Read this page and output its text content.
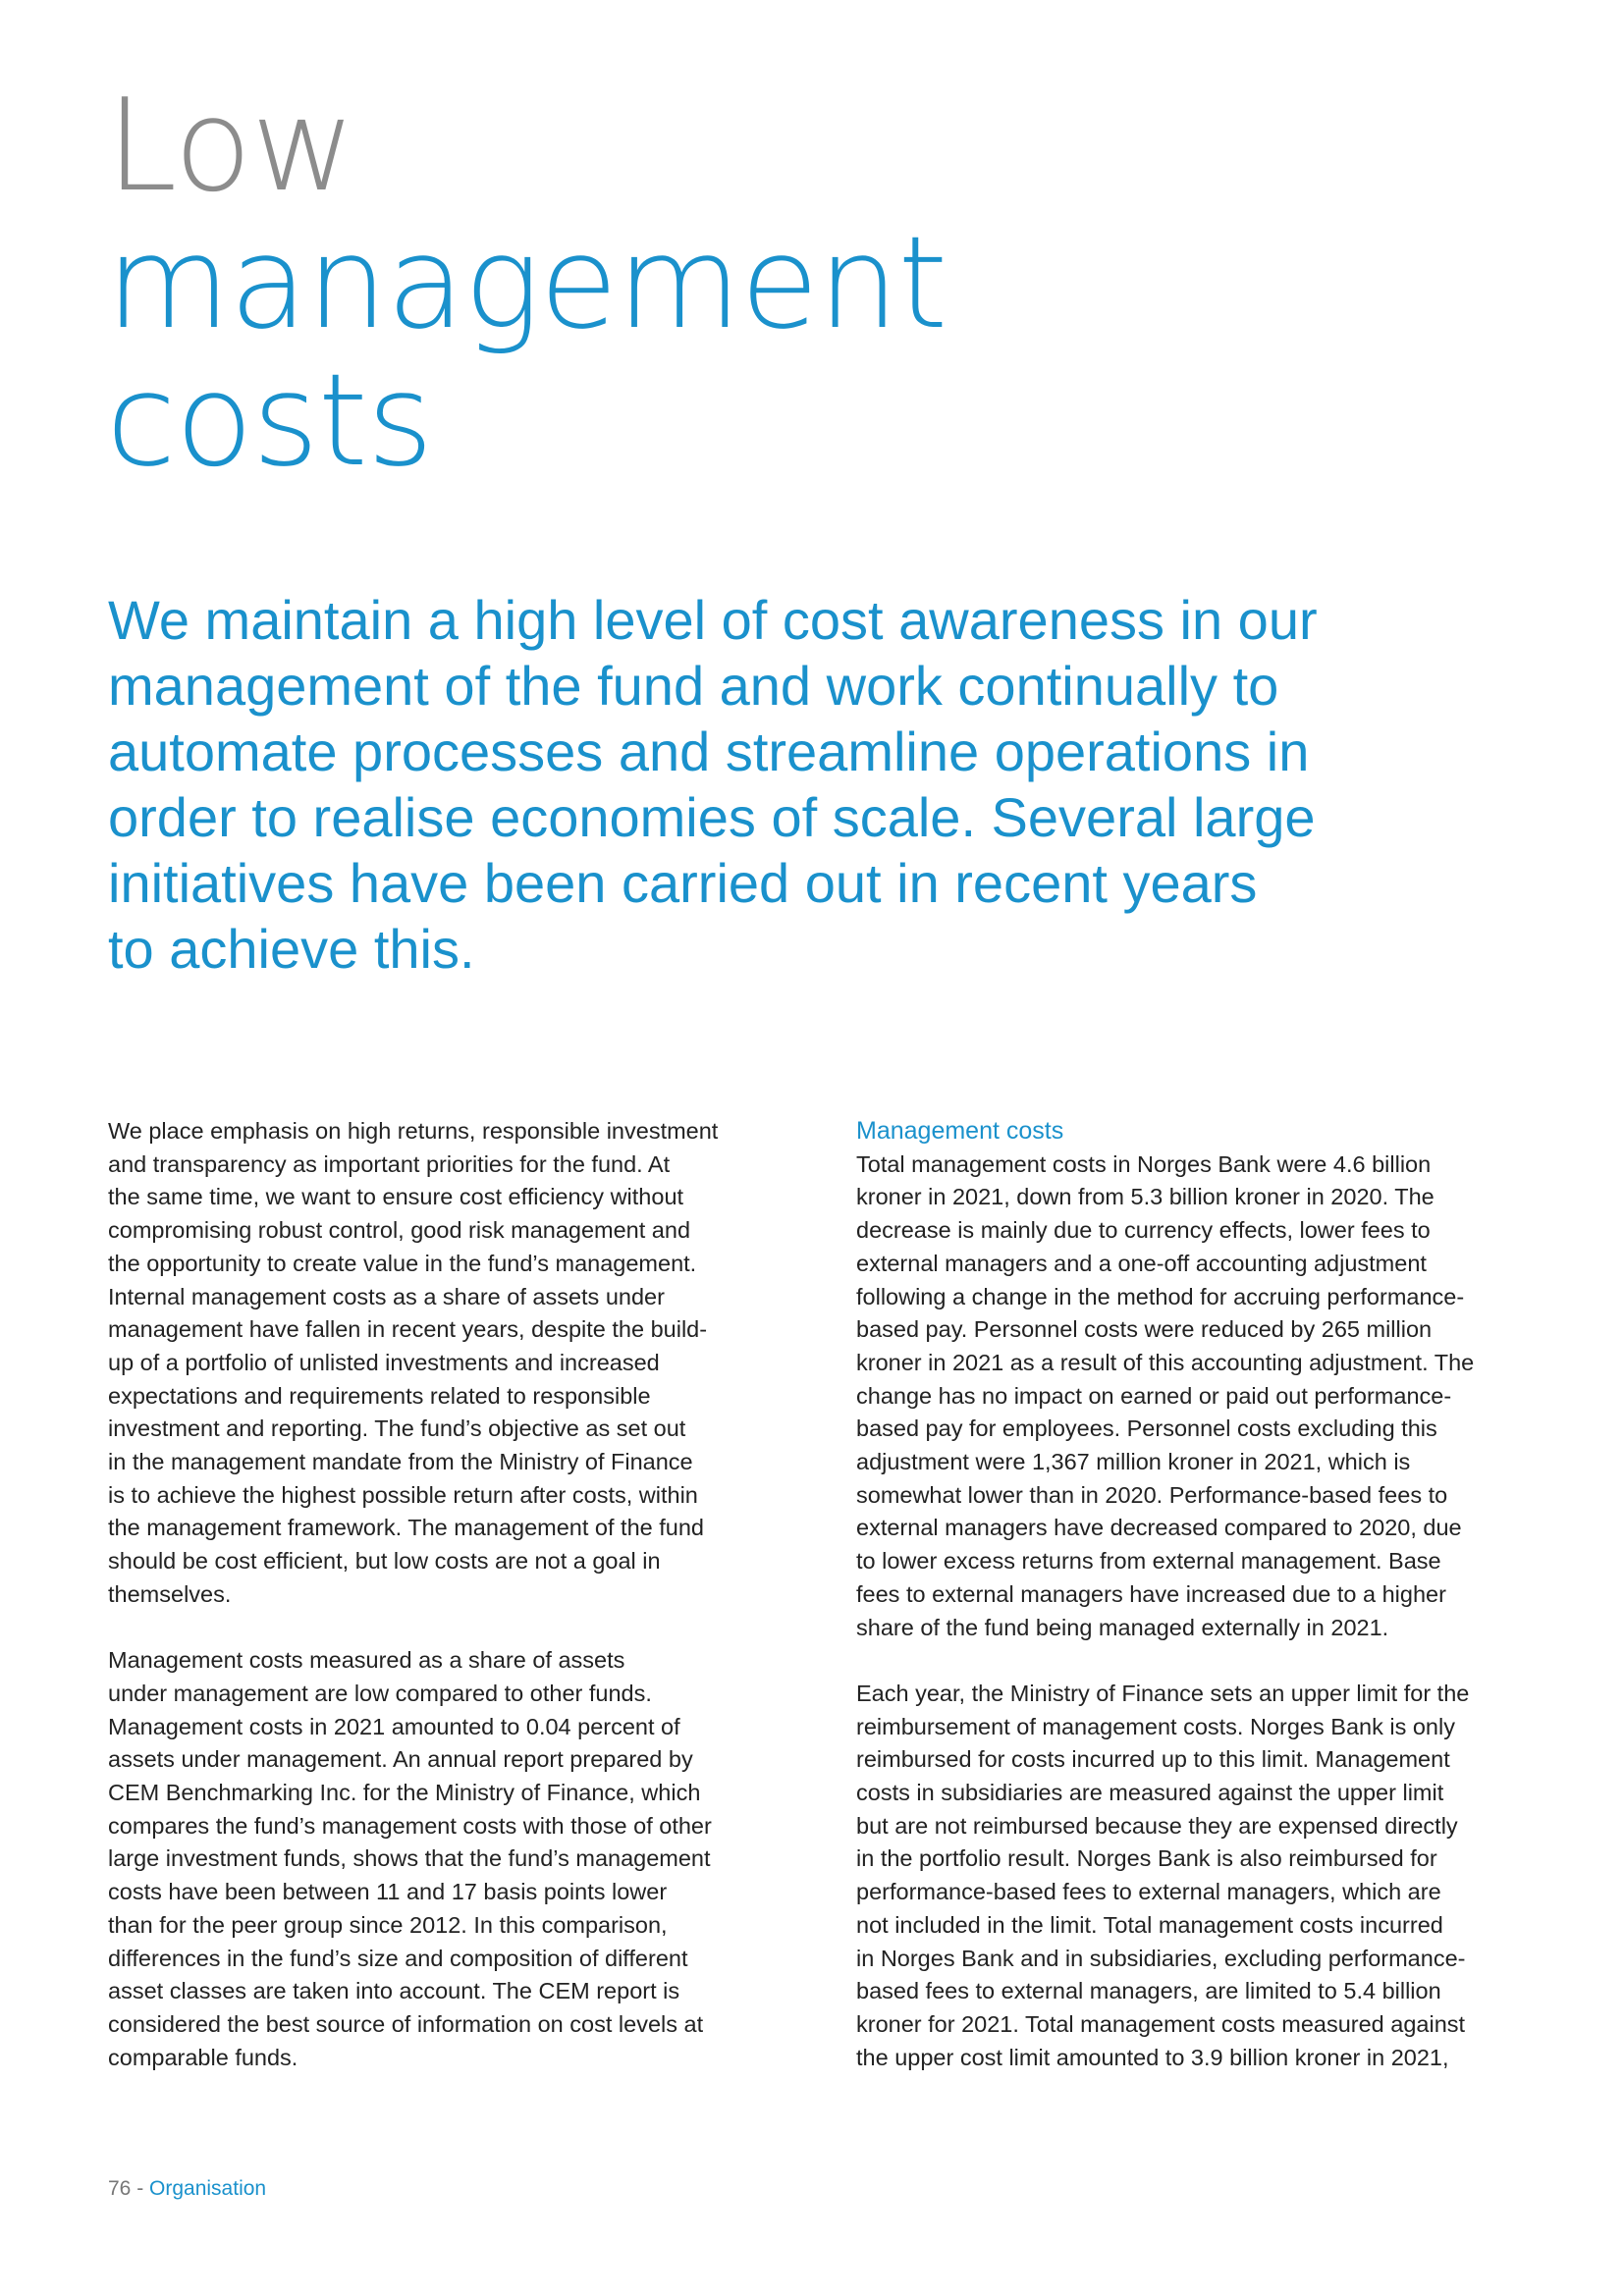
Low
management
costs

We maintain a high level of cost awareness in our
management of the fund and work continually to
automate processes and streamline operations in
order to realise economies of scale. Several large
initiatives have been carried out in recent years
to achieve this.

We place emphasis on high returns, responsible investment
and transparency as important priorities for the fund. At
the same time, we want to ensure cost efficiency without
compromising robust control, good risk management and
the opportunity to create value in the fund’s management.
Internal management costs as a share of assets under
management have fallen in recent years, despite the build-
up of a portfolio of unlisted investments and increased
expectations and requirements related to responsible
investment and reporting. The fund’s objective as set out
in the management mandate from the Ministry of Finance
is to achieve the highest possible return after costs, within
the management framework. The management of the fund
should be cost efficient, but low costs are not a goal in
themselves.
Management costs measured as a share of assets
under management are low compared to other funds.
Management costs in 2021 amounted to 0.04 percent of
assets under management. An annual report prepared by
CEM Benchmarking Inc. for the Ministry of Finance, which
compares the fund’s management costs with those of other
large investment funds, shows that the fund’s management
costs have been between 11 and 17 basis points lower
than for the peer group since 2012. In this comparison,
differences in the fund’s size and composition of different
asset classes are taken into account. The CEM report is
considered the best source of information on cost levels at
comparable funds.
Management costs
Total management costs in Norges Bank were 4.6 billion
kroner in 2021, down from 5.3 billion kroner in 2020. The
decrease is mainly due to currency effects, lower fees to
external managers and a one-off accounting adjustment
following a change in the method for accruing performance-
based pay. Personnel costs were reduced by 265 million
kroner in 2021 as a result of this accounting adjustment. The
change has no impact on earned or paid out performance-
based pay for employees. Personnel costs excluding this
adjustment were 1,367 million kroner in 2021, which is
somewhat lower than in 2020. Performance-based fees to
external managers have decreased compared to 2020, due
to lower excess returns from external management. Base
fees to external managers have increased due to a higher
share of the fund being managed externally in 2021.
Each year, the Ministry of Finance sets an upper limit for the
reimbursement of management costs. Norges Bank is only
reimbursed for costs incurred up to this limit. Management
costs in subsidiaries are measured against the upper limit
but are not reimbursed because they are expensed directly
in the portfolio result. Norges Bank is also reimbursed for
performance-based fees to external managers, which are
not included in the limit. Total management costs incurred
in Norges Bank and in subsidiaries, excluding performance-
based fees to external managers, are limited to 5.4 billion
kroner for 2021. Total management costs measured against
the upper cost limit amounted to 3.9 billion kroner in 2021,
76 - Organisation
